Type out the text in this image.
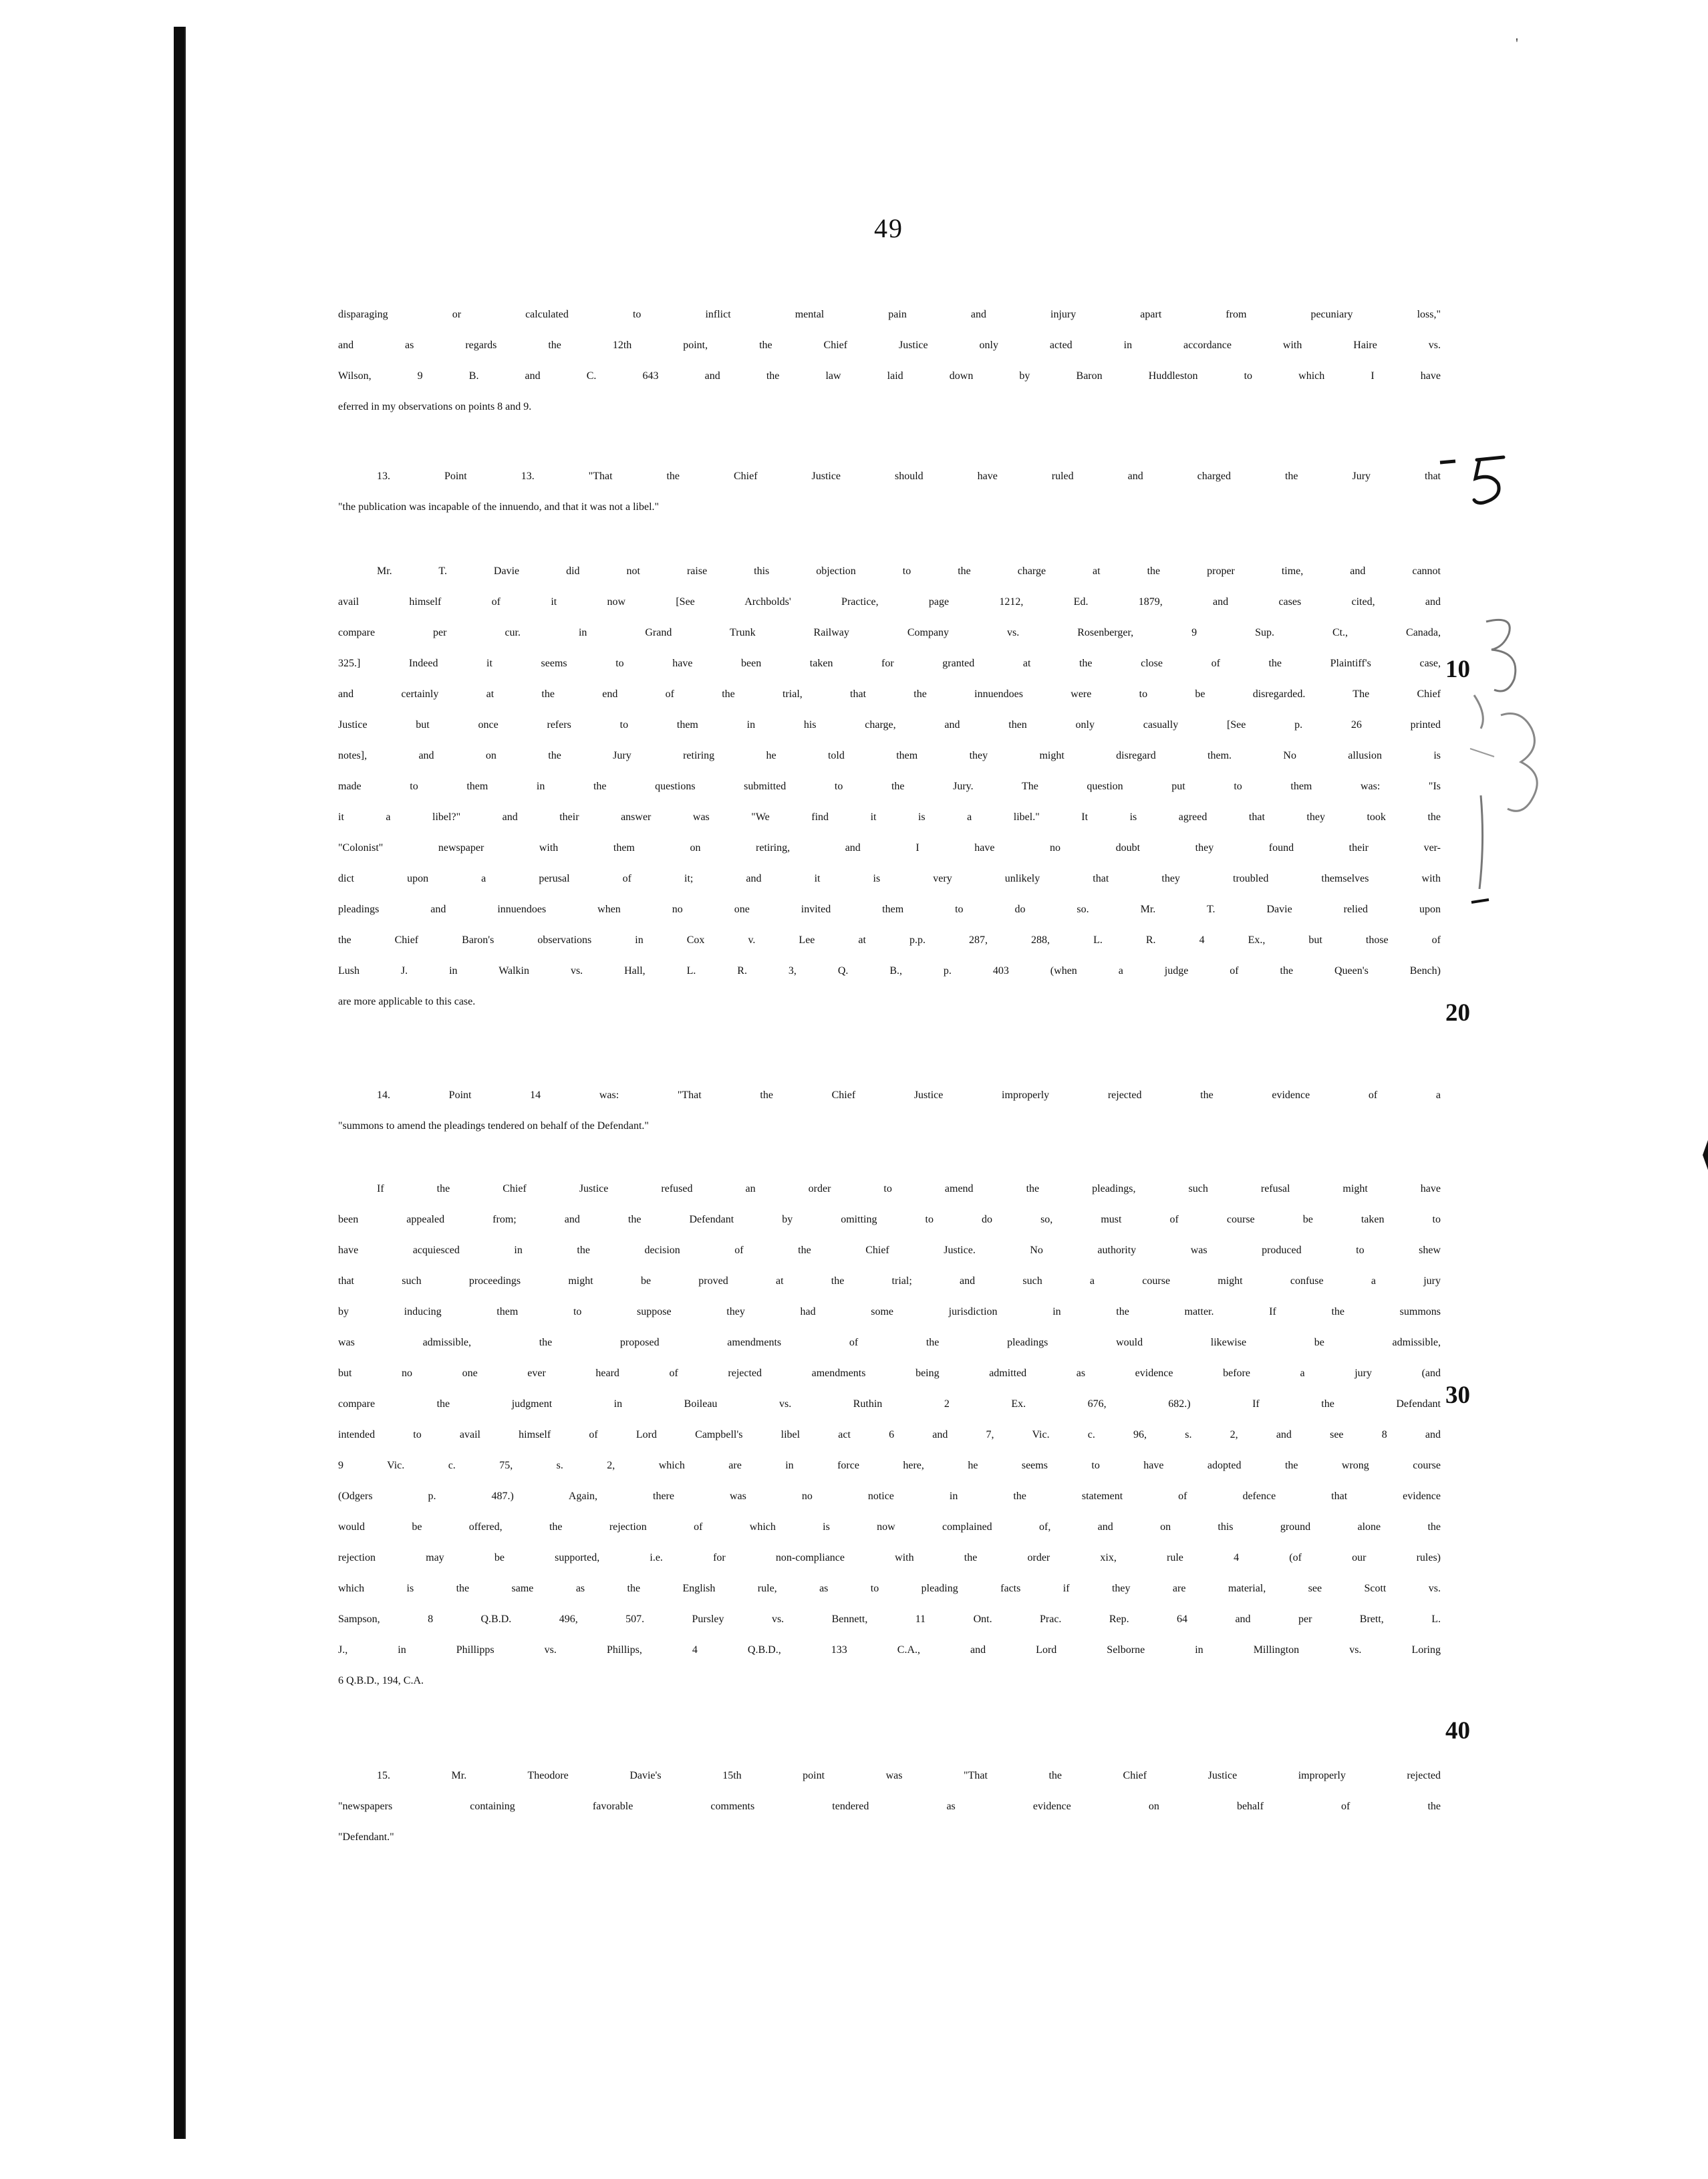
'
49
disparaging or calculated to inflict mental pain and injury apart from pecuniary loss,"
and as regards the 12th point, the Chief Justice only acted in accordance with Haire vs.
Wilson, 9 B. and C. 643 and the law laid down by Baron Huddleston to which I have
eferred in my observations on points 8 and 9.
13. Point 13. "That the Chief Justice should have ruled and charged the Jury that
"the publication was incapable of the innuendo, and that it was not a libel."
Mr. T. Davie did not raise this objection to the charge at the proper time, and cannot
avail himself of it now [See Archbolds' Practice, page 1212, Ed. 1879, and cases cited, and
compare per cur. in Grand Trunk Railway Company vs. Rosenberger, 9 Sup. Ct., Canada,
325.] Indeed it seems to have been taken for granted at the close of the Plaintiff's case,
and certainly at the end of the trial, that the innuendoes were to be disregarded. The Chief
Justice but once refers to them in his charge, and then only casually [See p. 26 printed
notes], and on the Jury retiring he told them they might disregard them. No allusion is
made to them in the questions submitted to the Jury. The question put to them was: "Is
it a libel?" and their answer was "We find it is a libel." It is agreed that they took the
"Colonist" newspaper with them on retiring, and I have no doubt they found their ver-
dict upon a perusal of it; and it is very unlikely that they troubled themselves with
pleadings and innuendoes when no one invited them to do so. Mr. T. Davie relied upon
the Chief Baron's observations in Cox v. Lee at p.p. 287, 288, L. R. 4 Ex., but those of
Lush J. in Walkin vs. Hall, L. R. 3, Q. B., p. 403 (when a judge of the Queen's Bench)
are more applicable to this case.
14. Point 14 was: "That the Chief Justice improperly rejected the evidence of a
"summons to amend the pleadings tendered on behalf of the Defendant."
If the Chief Justice refused an order to amend the pleadings, such refusal might have
been appealed from; and the Defendant by omitting to do so, must of course be taken to
have acquiesced in the decision of the Chief Justice. No authority was produced to shew
that such proceedings might be proved at the trial; and such a course might confuse a jury
by inducing them to suppose they had some jurisdiction in the matter. If the summons
was admissible, the proposed amendments of the pleadings would likewise be admissible,
but no one ever heard of rejected amendments being admitted as evidence before a jury (and
compare the judgment in Boileau vs. Ruthin 2 Ex. 676, 682.) If the Defendant
intended to avail himself of Lord Campbell's libel act 6 and 7, Vic. c. 96, s. 2, and see 8 and
9 Vic. c. 75, s. 2, which are in force here, he seems to have adopted the wrong course
(Odgers p. 487.) Again, there was no notice in the statement of defence that evidence
would be offered, the rejection of which is now complained of, and on this ground alone the
rejection may be supported, i.e. for non-compliance with the order xix, rule 4 (of our rules)
which is the same as the English rule, as to pleading facts if they are material, see Scott vs.
Sampson, 8 Q.B.D. 496, 507. Pursley vs. Bennett, 11 Ont. Prac. Rep. 64 and per Brett, L.
J., in Phillipps vs. Phillips, 4 Q.B.D., 133 C.A., and Lord Selborne in Millington vs. Loring
6 Q.B.D., 194, C.A.
15. Mr. Theodore Davie's 15th point was "That the Chief Justice improperly rejected
"newspapers containing favorable comments tendered as evidence on behalf of the
"Defendant."
10
20
30
40
